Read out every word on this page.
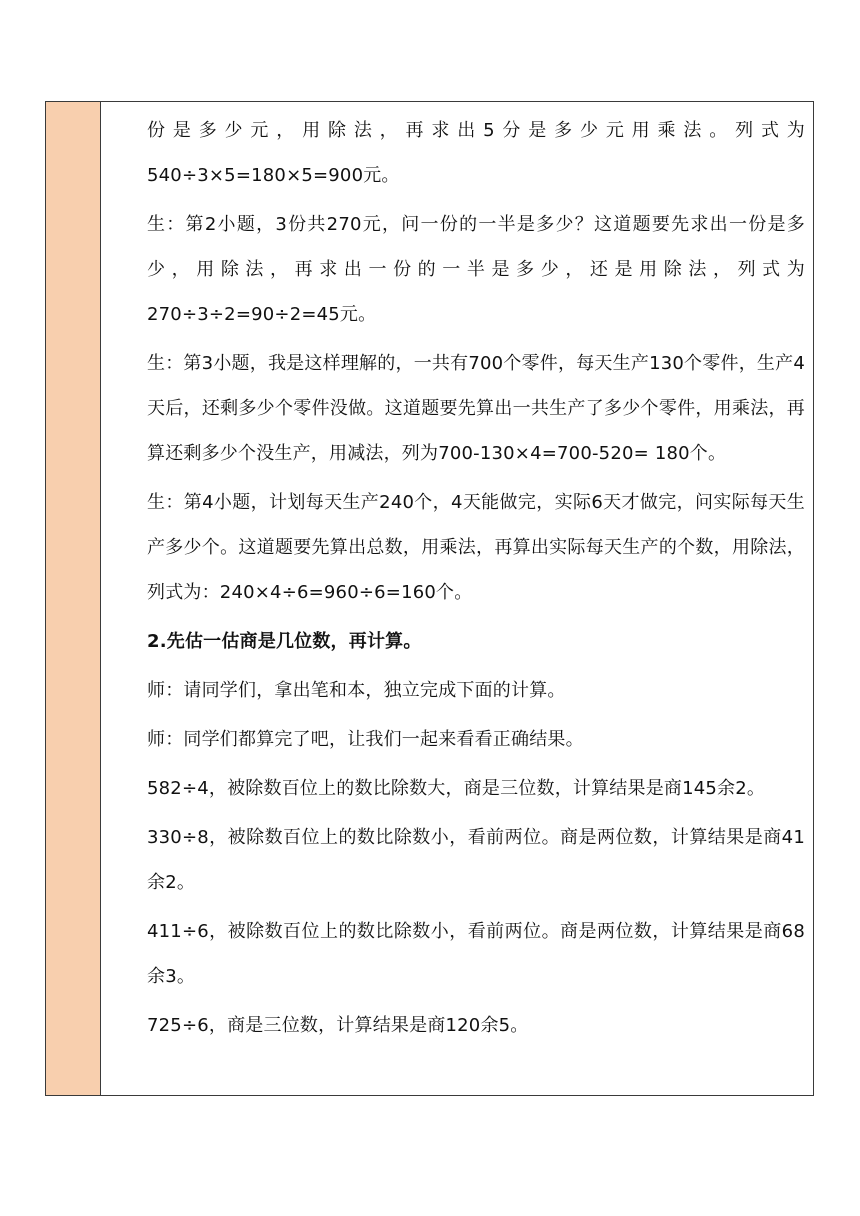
份是多少元，用除法，再求出5分是多少元用乘法。列式为540÷3×5=180×5=900元。

生：第2小题，3份共270元，问一份的一半是多少？这道题要先求出一份是多少，用除法，再求出一份的一半是多少，还是用除法，列式为270÷3÷2=90÷2=45元。

生：第3小题，我是这样理解的，一共有700个零件，每天生产130个零件，生产4天后，还剩多少个零件没做。这道题要先算出一共生产了多少个零件，用乘法，再算还剩多少个没生产，用减法，列为700-130×4=700-520= 180个。

生：第4小题，计划每天生产240个，4天能做完，实际6天才做完，问实际每天生产多少个。这道题要先算出总数，用乘法，再算出实际每天生产的个数，用除法，列式为：240×4÷6=960÷6=160个。

2.先估一估商是几位数，再计算。

师：请同学们，拿出笔和本，独立完成下面的计算。

师：同学们都算完了吧，让我们一起来看看正确结果。

582÷4，被除数百位上的数比除数大，商是三位数，计算结果是商145余2。

330÷8，被除数百位上的数比除数小，看前两位。商是两位数，计算结果是商41余2。

411÷6，被除数百位上的数比除数小，看前两位。商是两位数，计算结果是商68余3。

725÷6，商是三位数，计算结果是商120余5。
